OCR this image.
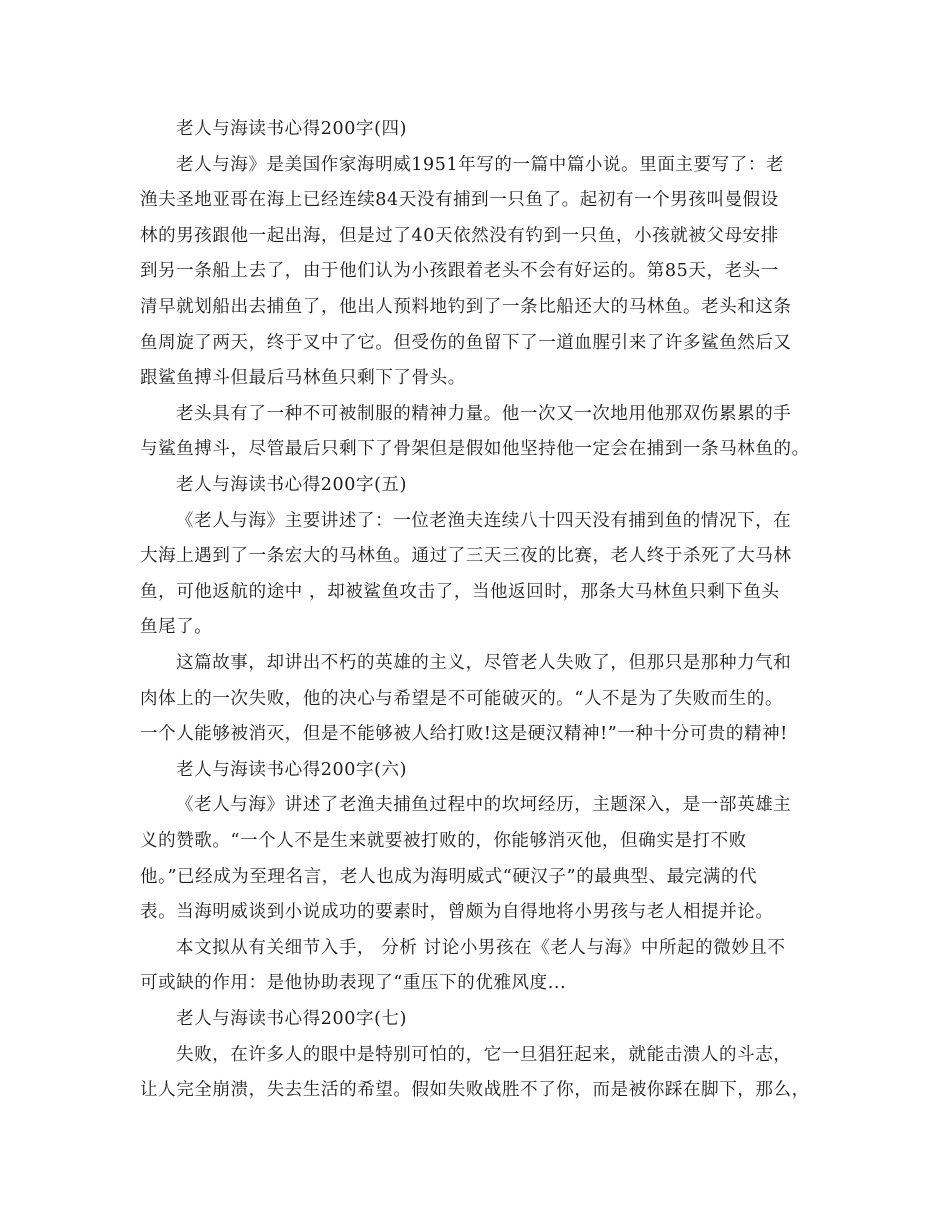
老人与海读书心得200字(四)
老人与海》是美国作家海明威1951年写的一篇中篇小说。里面主要写了：老
渔夫圣地亚哥在海上已经连续84天没有捕到一只鱼了。起初有一个男孩叫曼假设
林的男孩跟他一起出海，但是过了40天依然没有钓到一只鱼，小孩就被父母安排
到另一条船上去了，由于他们认为小孩跟着老头不会有好运的。第85天，老头一
清早就划船出去捕鱼了，他出人预料地钓到了一条比船还大的马林鱼。老头和这条
鱼周旋了两天，终于叉中了它。但受伤的鱼留下了一道血腥引来了许多鲨鱼然后又
跟鲨鱼搏斗但最后马林鱼只剩下了骨头。
老头具有了一种不可被制服的精神力量。他一次又一次地用他那双伤累累的手
与鲨鱼搏斗，尽管最后只剩下了骨架但是假如他坚持他一定会在捕到一条马林鱼的。
老人与海读书心得200字(五)
《老人与海》主要讲述了：一位老渔夫连续八十四天没有捕到鱼的情况下，在
大海上遇到了一条宏大的马林鱼。通过了三天三夜的比赛，老人终于杀死了大马林
鱼，可他返航的途中 ，却被鲨鱼攻击了，当他返回时，那条大马林鱼只剩下鱼头
鱼尾了。
这篇故事，却讲出不朽的英雄的主义，尽管老人失败了，但那只是那种力气和
肉体上的一次失败，他的决心与希望是不可能破灭的。“人不是为了失败而生的。
一个人能够被消灭，但是不能够被人给打败!这是硬汉精神!”一种十分可贵的精神!
老人与海读书心得200字(六)
《老人与海》讲述了老渔夫捕鱼过程中的坎坷经历，主题深入，是一部英雄主
义的赞歌。“一个人不是生来就要被打败的，你能够消灭他，但确实是打不败
他。”已经成为至理名言，老人也成为海明威式“硬汉子”的最典型、最完满的代
表。当海明威谈到小说成功的要素时，曾颇为自得地将小男孩与老人相提并论。
本文拟从有关细节入手， 分析 讨论小男孩在《老人与海》中所起的微妙且不
可或缺的作用：是他协助表现了“重压下的优雅风度...
老人与海读书心得200字(七)
失败，在许多人的眼中是特别可怕的，它一旦猖狂起来，就能击溃人的斗志，
让人完全崩溃，失去生活的希望。假如失败战胜不了你，而是被你踩在脚下，那么，
